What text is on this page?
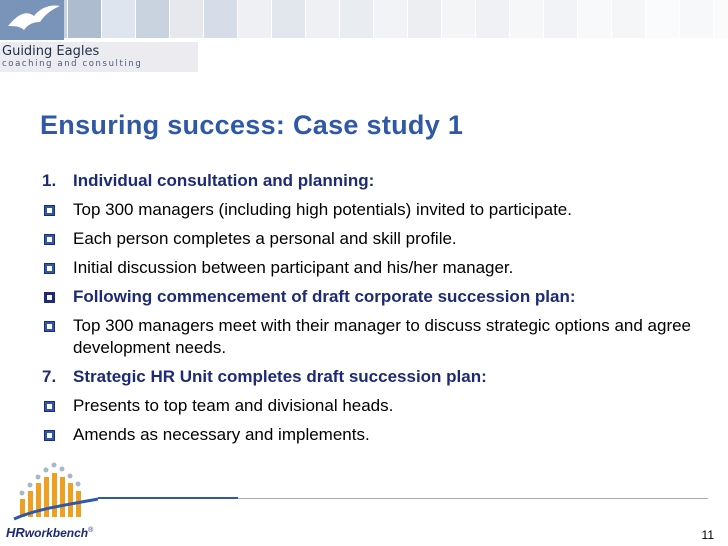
Guiding Eagles
coaching and consulting
Ensuring success: Case study 1
1. Individual consultation and planning:
Top 300 managers (including high potentials) invited to participate.
Each person completes a personal and skill profile.
Initial discussion between participant and his/her manager.
Following commencement of draft corporate succession plan:
Top 300 managers meet with their manager to discuss strategic options and agree development needs.
7. Strategic HR Unit completes draft succession plan:
Presents to top team and divisional heads.
Amends as necessary and implements.
HRworkbench®	11
